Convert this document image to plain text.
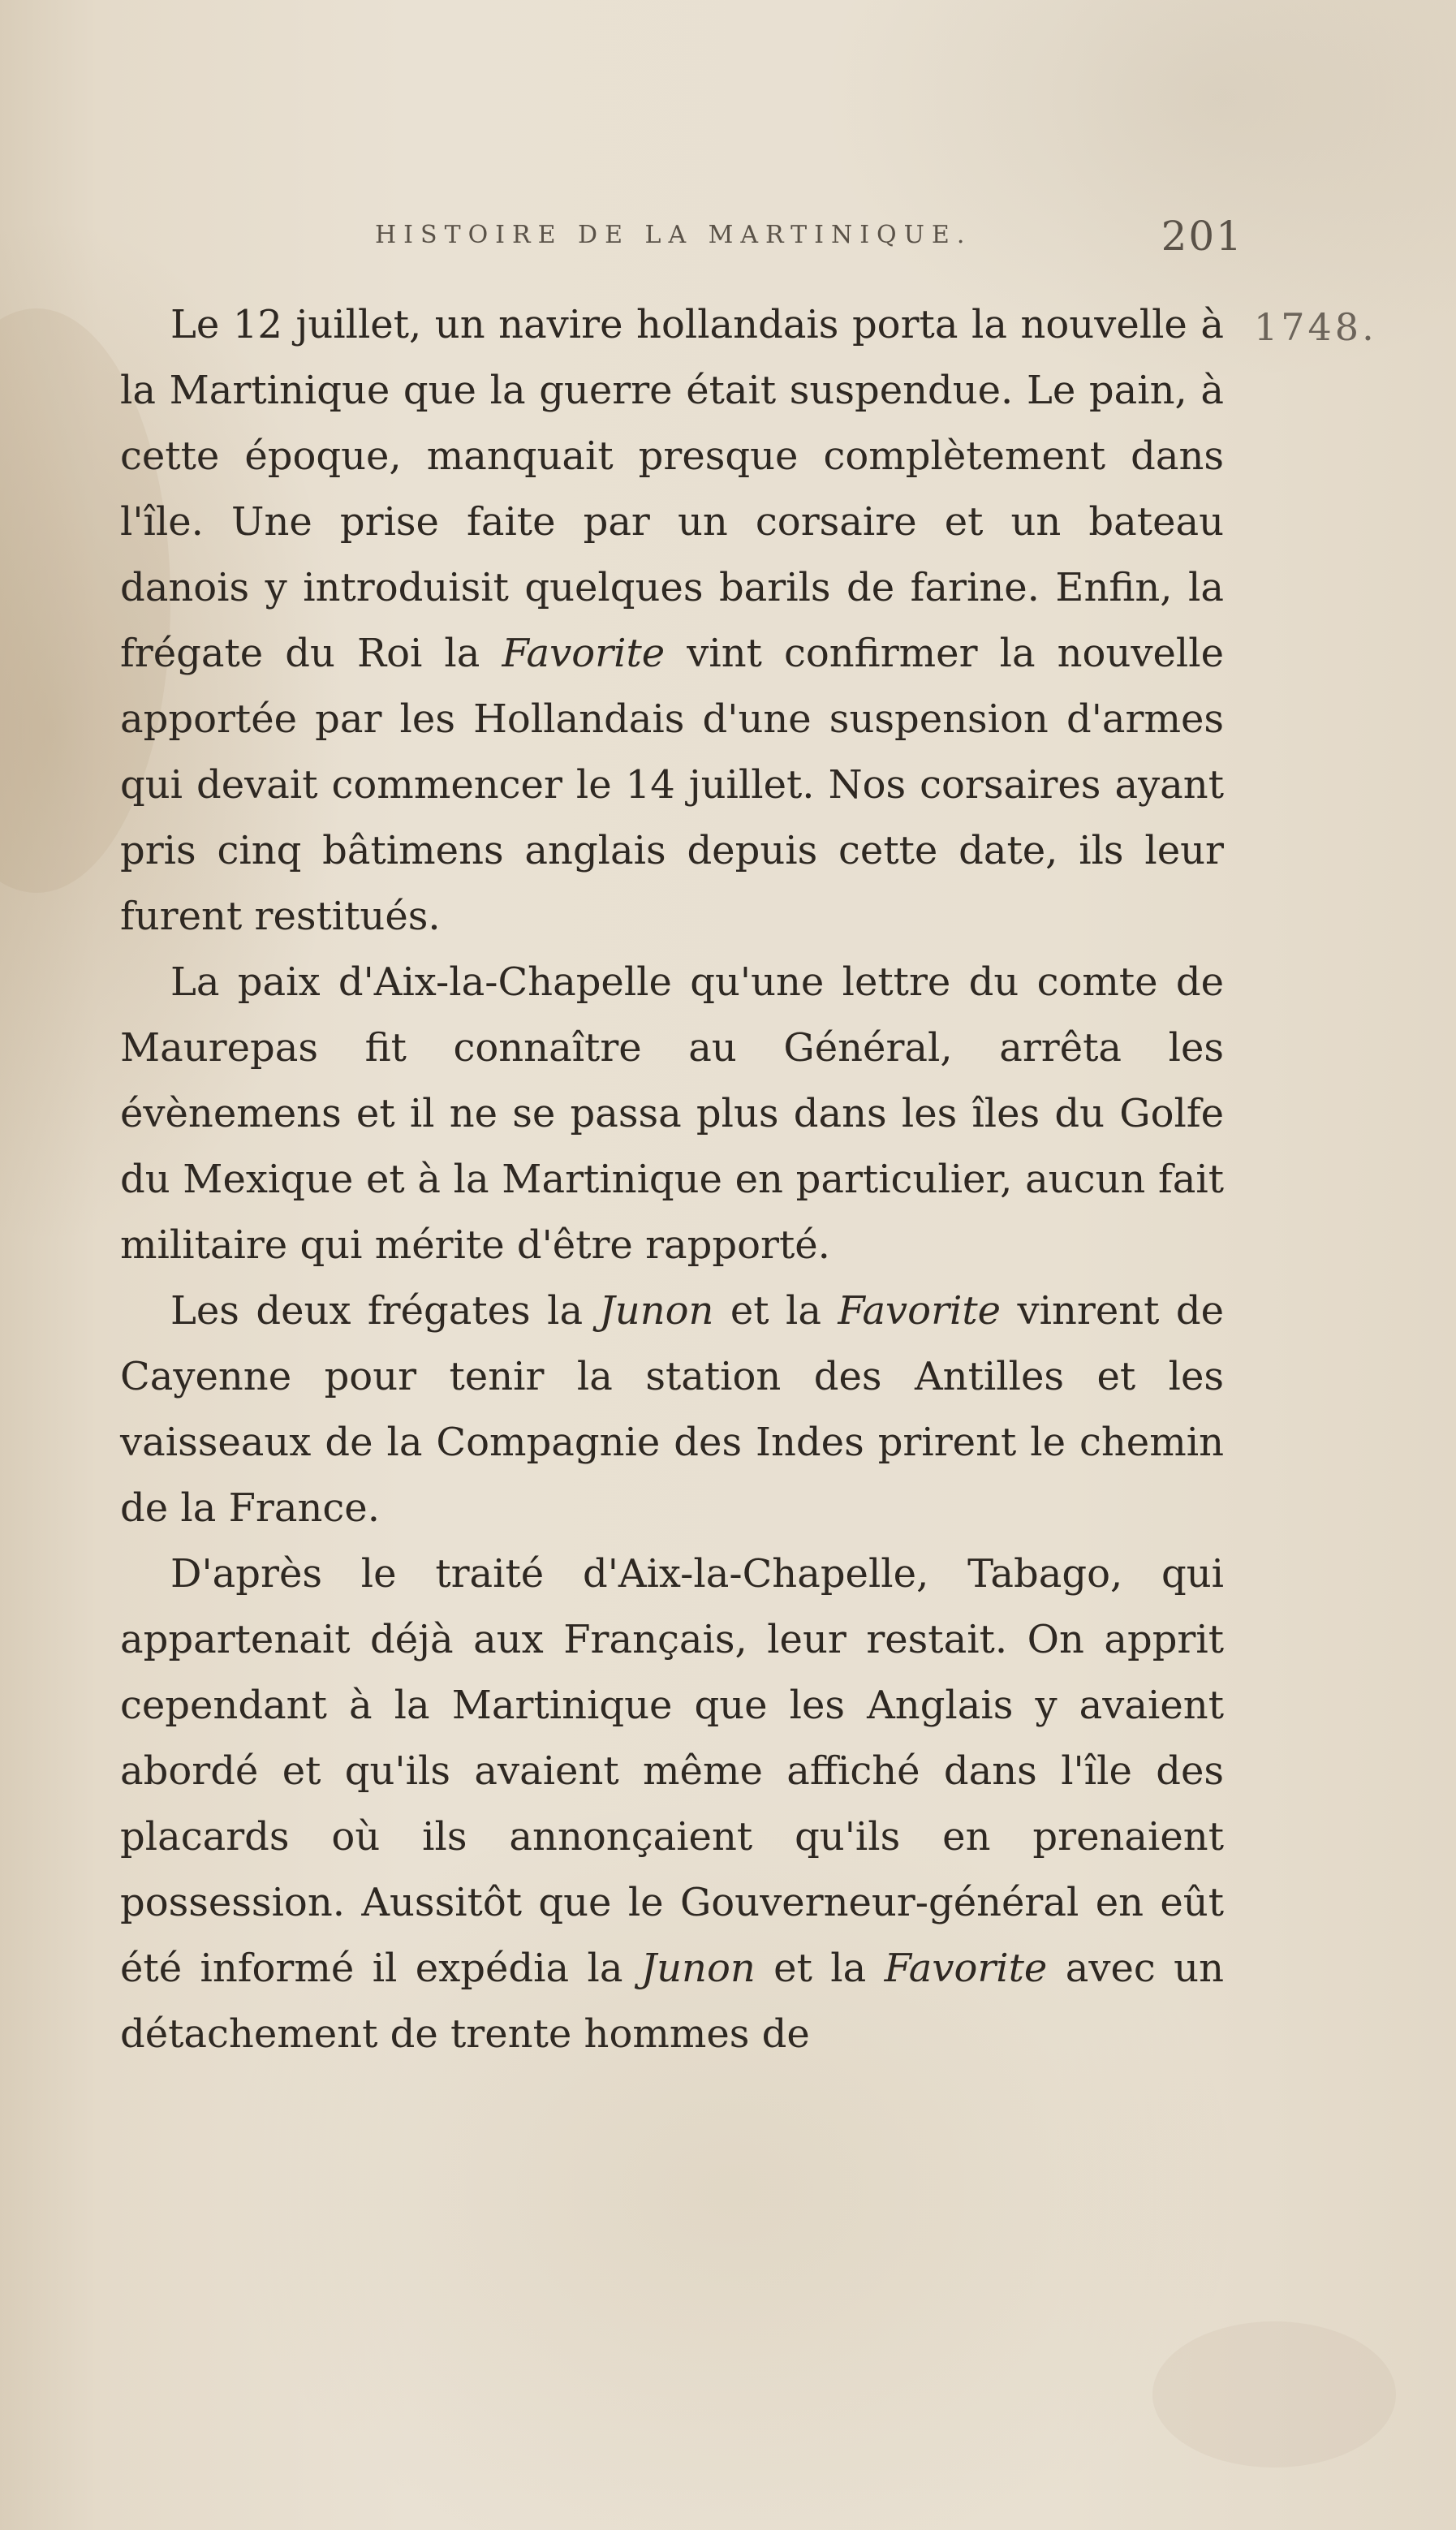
HISTOIRE DE LA MARTINIQUE.	201
1748.

Le 12 juillet, un navire hollandais porta la nouvelle à la Martinique que la guerre était suspendue. Le pain, à cette époque, manquait presque complètement dans l'île. Une prise faite par un corsaire et un bateau danois y introduisit quelques barils de farine. Enfin, la frégate du Roi la Favorite vint confirmer la nouvelle apportée par les Hollandais d'une suspension d'armes qui devait commencer le 14 juillet. Nos corsaires ayant pris cinq bâtimens anglais depuis cette date, ils leur furent restitués.

La paix d'Aix-la-Chapelle qu'une lettre du comte de Maurepas fit connaître au Général, arrêta les évènemens et il ne se passa plus dans les îles du Golfe du Mexique et à la Martinique en particulier, aucun fait militaire qui mérite d'être rapporté.

Les deux frégates la Junon et la Favorite vinrent de Cayenne pour tenir la station des Antilles et les vaisseaux de la Compagnie des Indes prirent le chemin de la France.

D'après le traité d'Aix-la-Chapelle, Tabago, qui appartenait déjà aux Français, leur restait. On apprit cependant à la Martinique que les Anglais y avaient abordé et qu'ils avaient même affiché dans l'île des placards où ils annonçaient qu'ils en prenaient possession. Aussitôt que le Gouverneur-général en eût été informé il expédia la Junon et la Favorite avec un détachement de trente hommes de
